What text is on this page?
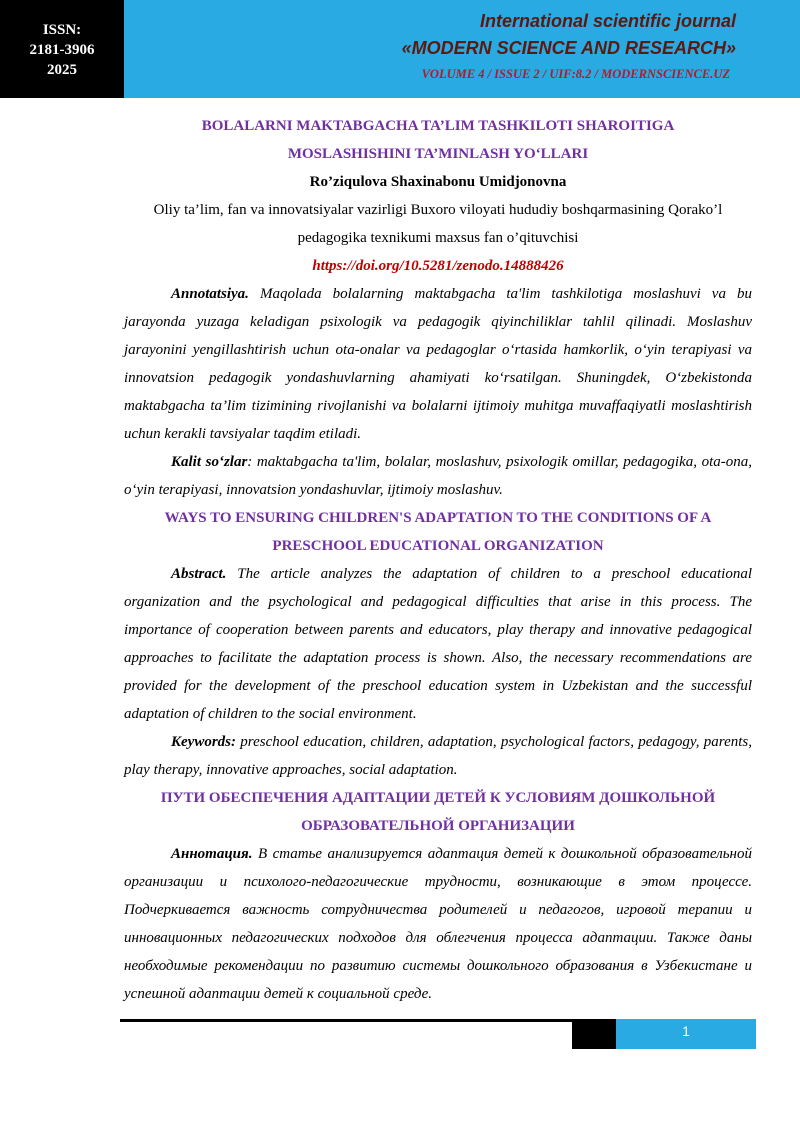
ISSN:
2181-3906
2025
International scientific journal
«MODERN SCIENCE AND RESEARCH»
VOLUME 4 / ISSUE 2 / UIF:8.2 / MODERNSCIENCE.UZ

BOLALARNI MAKTABGACHA TA’LIM TASHKILOTI SHAROITIGA

MOSLASHISHINI TA’MINLASH YO‘LLARI

Ro’ziqulova Shaxinabonu Umidjonovna

Oliy ta’lim, fan va innovatsiyalar vazirligi Buxoro viloyati hududiy boshqarmasining Qorako’l pedagogika texnikumi maxsus fan o’qituvchisi

https://doi.org/10.5281/zenodo.14888426

Annotatsiya. Maqolada bolalarning maktabgacha ta'lim tashkilotiga moslashuvi va bu jarayonda yuzaga keladigan psixologik va pedagogik qiyinchiliklar tahlil qilinadi. Moslashuv jarayonini yengillashtirish uchun ota-onalar va pedagoglar o‘rtasida hamkorlik, o‘yin terapiyasi va innovatsion pedagogik yondashuvlarning ahamiyati ko‘rsatilgan. Shuningdek, O‘zbekistonda maktabgacha ta’lim tizimining rivojlanishi va bolalarni ijtimoiy muhitga muvaffaqiyatli moslashtirish uchun kerakli tavsiyalar taqdim etiladi.

Kalit so‘zlar: maktabgacha ta'lim, bolalar, moslashuv, psixologik omillar, pedagogika, ota-ona, o‘yin terapiyasi, innovatsion yondashuvlar, ijtimoiy moslashuv.

WAYS TO ENSURING CHILDREN'S ADAPTATION TO THE CONDITIONS OF A

PRESCHOOL EDUCATIONAL ORGANIZATION

Abstract. The article analyzes the adaptation of children to a preschool educational organization and the psychological and pedagogical difficulties that arise in this process. The importance of cooperation between parents and educators, play therapy and innovative pedagogical approaches to facilitate the adaptation process is shown. Also, the necessary recommendations are provided for the development of the preschool education system in Uzbekistan and the successful adaptation of children to the social environment.

Keywords: preschool education, children, adaptation, psychological factors, pedagogy, parents, play therapy, innovative approaches, social adaptation.

ПУТИ ОБЕСПЕЧЕНИЯ АДАПТАЦИИ ДЕТЕЙ К УСЛОВИЯМ ДОШКОЛЬНОЙ

ОБРАЗОВАТЕЛЬНОЙ ОРГАНИЗАЦИИ

Аннотация. В статье анализируется адаптация детей к дошкольной образовательной организации и психолого-педагогические трудности, возникающие в этом процессе. Подчеркивается важность сотрудничества родителей и педагогов, игровой терапии и инновационных педагогических подходов для облегчения процесса адаптации. Также даны необходимые рекомендации по развитию системы дошкольного образования в Узбекистане и успешной адаптации детей к социальной среде.

1
